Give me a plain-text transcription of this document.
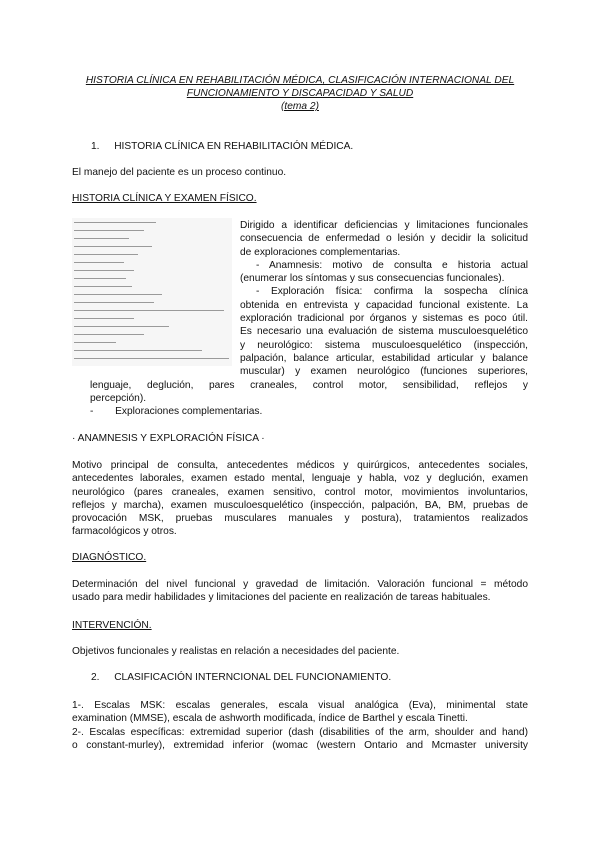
HISTORIA CLÍNICA EN REHABILITACIÓN MÉDICA, CLASIFICACIÓN INTERNACIONAL DEL
FUNCIONAMIENTO Y DISCAPACIDAD Y SALUD
(tema 2)
1. HISTORIA CLÍNICA EN REHABILITACIÓN MÉDICA.
El manejo del paciente es un proceso continuo.
HISTORIA CLÍNICA Y EXAMEN FÍSICO.
Dirigido a identificar deficiencias y limitaciones funcionales
consecuencia de enfermedad o lesión y decidir la solicitud
de exploraciones complementarias.
- Anamnesis: motivo de consulta e historia actual
(enumerar los síntomas y sus consecuencias funcionales).
- Exploración física: confirma la sospecha clínica
obtenida en entrevista y capacidad funcional existente. La
exploración tradicional por órganos y sistemas es poco útil.
Es necesario una evaluación de sistema musculoesquelético
y neurológico: sistema musculoesquelético (inspección,
palpación, balance articular, estabilidad articular y balance
muscular) y examen neurológico (funciones superiores,
lenguaje, deglución, pares craneales, control motor, sensibilidad, reflejos y
percepción).
- Exploraciones complementarias.
· ANAMNESIS Y EXPLORACIÓN FÍSICA ·
Motivo principal de consulta, antecedentes médicos y quirúrgicos, antecedentes sociales,
antecedentes laborales, examen estado mental, lenguaje y habla, voz y deglución, examen
neurológico (pares craneales, examen sensitivo, control motor, movimientos involuntarios,
reflejos y marcha), examen musculoesquelético (inspección, palpación, BA, BM, pruebas de
provocación MSK, pruebas musculares manuales y postura), tratamientos realizados
farmacológicos y otros.
DIAGNÓSTICO.
Determinación del nivel funcional y gravedad de limitación. Valoración funcional = método
usado para medir habilidades y limitaciones del paciente en realización de tareas habituales.
INTERVENCIÓN.
Objetivos funcionales y realistas en relación a necesidades del paciente.
2. CLASIFICACIÓN INTERNCIONAL DEL FUNCIONAMIENTO.
1-. Escalas MSK: escalas generales, escala visual analógica (Eva), minimental state
examination (MMSE), escala de ashworth modificada, índice de Barthel y escala Tinetti.
2-. Escalas específicas: extremidad superior (dash (disabilities of the arm, shoulder and hand)
o constant-murley), extremidad inferior (womac (western Ontario and Mcmaster university
